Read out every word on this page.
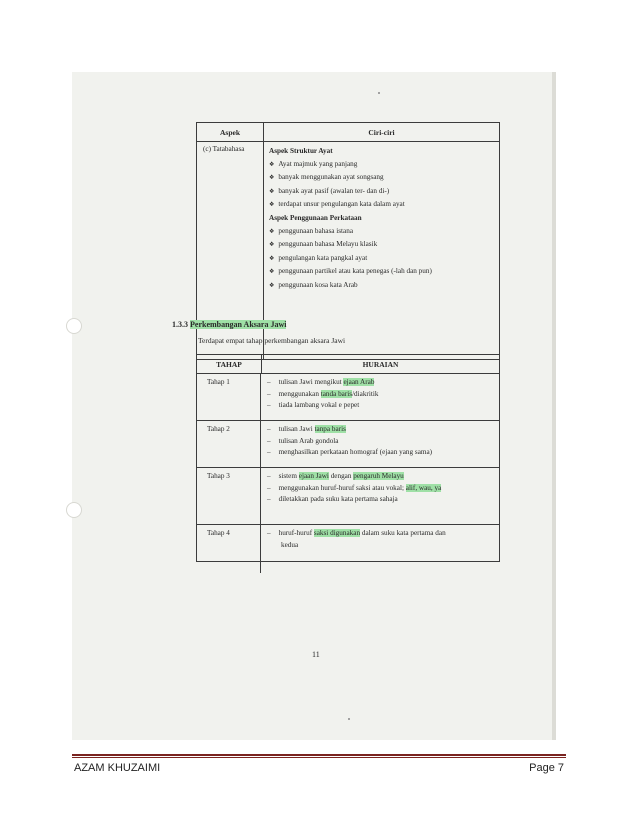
Aspek	Ciri-ciri
(c) Tatabahasa	Aspek Struktur Ayat
❖ Ayat majmuk yang panjang
❖ banyak menggunakan ayat songsang
❖ banyak ayat pasif (awalan ter- dan di-)
❖ terdapat unsur pengulangan kata dalam ayat
Aspek Penggunaan Perkataan
❖ penggunaan bahasa istana
❖ penggunaan bahasa Melayu klasik
❖ pengulangan kata pangkal ayat
❖ penggunaan partikel atau kata penegas (-lah dan pun)
❖ penggunaan kosa kata Arab
1.3.3 Perkembangan Aksara Jawi
Terdapat empat tahap perkembangan aksara Jawi
TAHAP	HURAIAN
Tahap 1	– tulisan Jawi mengikut ejaan Arab
– menggunakan tanda baris/diakritik
– tiada lambang vokal e pepet
Tahap 2	– tulisan Jawi tanpa baris
– tulisan Arab gondola
– menghasilkan perkataan homograf (ejaan yang sama)
Tahap 3	– sistem ejaan Jawi dengan pengaruh Melayu
– menggunakan huruf-huruf saksi atau vokal; alif, wau, ya
– diletakkan pada suku kata pertama sahaja
Tahap 4	– huruf-huruf saksi digunakan dalam suku kata pertama dan
kedua
11
AZAM KHUZAIMI	Page 7
